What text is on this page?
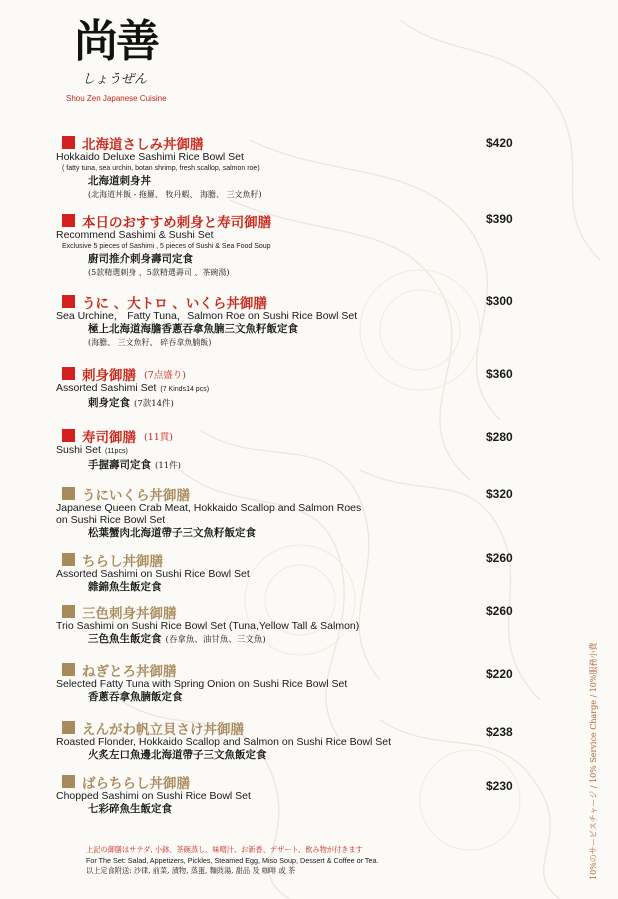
尚善
しょうぜん
Shou Zen Japanese Cuisine
北海道さしみ丼御膳
Hokkaido Deluxe Sashimi Rice Bowl Set
( fatty tuna, sea urchin, botan shrimp, fresh scallop, salmon roe)
北海道刺身丼
(北海道丼飯 - 拖羅、 牧丹蝦、 海膽、 三文魚籽)
$420
本日のおすすめ刺身と寿司御膳
Recommend Sashimi & Sushi Set
Exclusive 5 pieces of Sashimi , 5 pieces of Sushi & Sea Food Soup
廚司推介刺身壽司定食
(5款精選刺身 、5款精選壽司 、茶碗湯)
$390
うに 、大トロ 、いくら丼御膳
Sea Urchine， Fatty Tuna，Salmon Roe on Sushi Rice Bowl Set
極上北海道海膽香蔥吞拿魚腩三文魚籽飯定食
(海膽、 三文魚籽、 碎吞拿魚腩飯)
$300
刺身御膳 (7点盛り)
Assorted Sashimi Set (7 Kinds14 pcs)
刺身定食 (7款14件)
$360
寿司御膳 (11貫)
Sushi Set (11pcs)
手握壽司定食 (11件)
$280
うにいくら丼御膳
Japanese Queen Crab Meat, Hokkaido Scallop and Salmon Roes
on Sushi Rice Bowl Set
松葉蟹肉北海道帶子三文魚籽飯定食
$320
ちらし丼御膳
Assorted Sashimi on Sushi Rice Bowl Set
雜錦魚生飯定食
$260
三色刺身丼御膳
Trio Sashimi on Sushi Rice Bowl Set (Tuna,Yellow Tall & Salmon)
三色魚生飯定食 (吞拿魚、油甘魚、三文魚)
$260
ねぎとろ丼御膳
Selected Fatty Tuna with Spring Onion on Sushi Rice Bowl Set
香蔥吞拿魚腩飯定食
$220
えんがわ帆立貝さけ丼御膳
Roasted Flonder, Hokkaido Scallop and Salmon on Sushi Rice Bowl Set
火炙左口魚邊北海道帶子三文魚飯定食
$238
ばらちらし丼御膳
Chopped Sashimi on Sushi Rice Bowl Set
七彩碎魚生飯定食
$230
上記の御膳はサテダ, 小鉢、茶碗蒸し、味噌汁、お新香、デザート、飲み物が付きます
For The Set: Salad, Appetizers, Pickles, Steamed Egg, Miso Soup, Dessert & Coffee or Tea.
以上定食附送: 沙律, 前菜, 漬物, 蒸蛋, 麵豉湯, 甜品 及 咖啡 或 茶	10%のサービスチャージ / 10% Service Charge / 10%服務小費
